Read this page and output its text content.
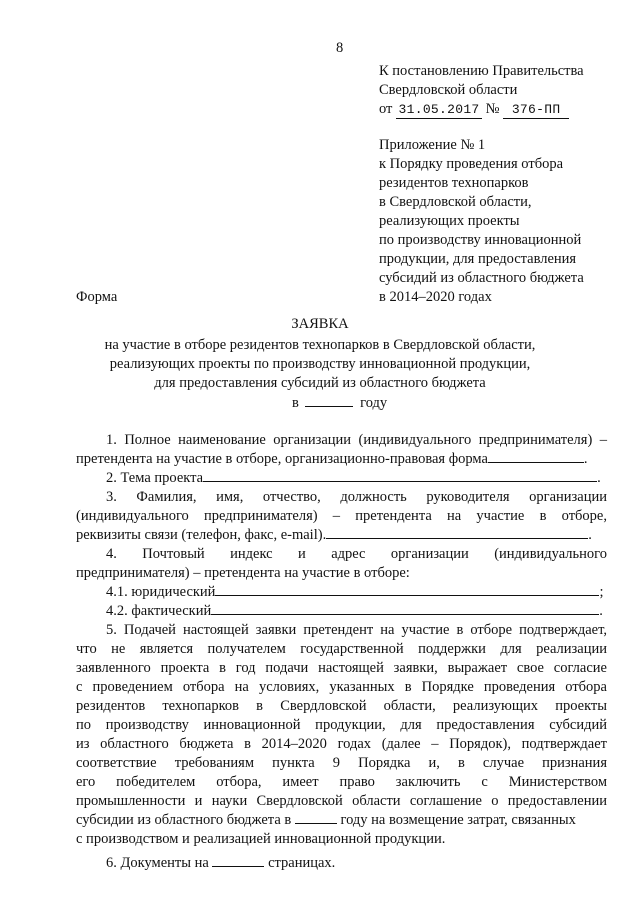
8
К постановлению Правительства
Свердловской области
от 31.05.2017 № 376-ПП
Приложение № 1
к Порядку проведения отбора
резидентов технопарков
в Свердловской области,
реализующих проекты
по производству инновационной
продукции, для предоставления
субсидий из областного бюджета
в 2014–2020 годах
Форма
ЗАЯВКА
на участие в отборе резидентов технопарков в Свердловской области,
реализующих проекты по производству инновационной продукции,
для предоставления субсидий из областного бюджета
в	году
1. Полное наименование организации (индивидуального предпринимателя) –
претендента на участие в отборе, организационно-правовая форма	.
2. Тема проекта	.
3. Фамилия, имя, отчество, должность руководителя организации
(индивидуального предпринимателя) – претендента на участие в отборе,
реквизиты связи (телефон, факс, e-mail).	.
4. Почтовый индекс и адрес организации (индивидуального
предпринимателя) – претендента на участие в отборе:
4.1. юридический	;
4.2. фактический	.
5. Подачей настоящей заявки претендент на участие в отборе подтверждает,
что не является получателем государственной поддержки для реализации
заявленного проекта в год подачи настоящей заявки, выражает свое согласие
с проведением отбора на условиях, указанных в Порядке проведения отбора
резидентов технопарков в Свердловской области, реализующих проекты
по производству инновационной продукции, для предоставления субсидий
из областного бюджета в 2014–2020 годах (далее – Порядок), подтверждает
соответствие требованиям пункта 9 Порядка и, в случае признания
его победителем отбора, имеет право заключить с Министерством
промышленности и науки Свердловской области соглашение о предоставлении
субсидии из областного бюджета в	году на возмещение затрат, связанных
с производством и реализацией инновационной продукции.
6. Документы на	страницах.
